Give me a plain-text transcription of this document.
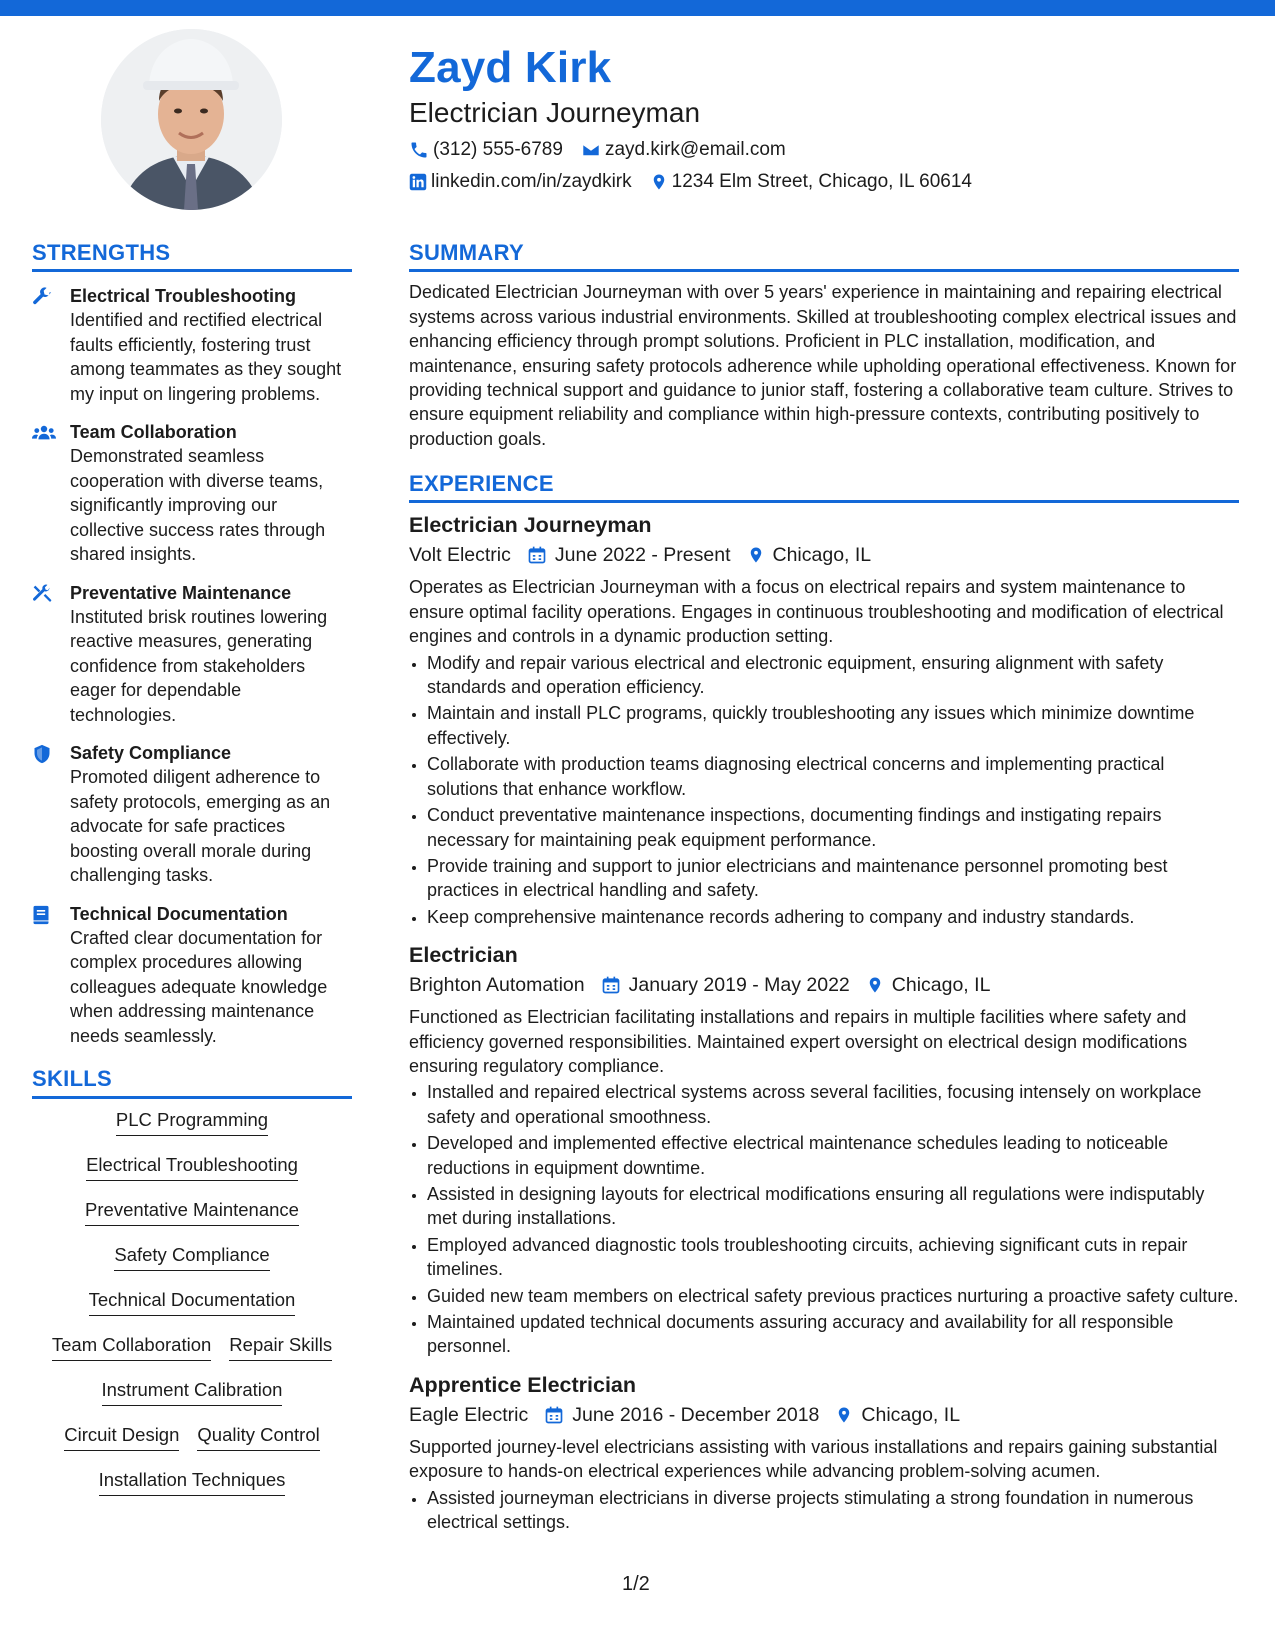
Zayd Kirk
Electrician Journeyman
(312) 555-6789 zayd.kirk@email.com
linkedin.com/in/zaydkirk 1234 Elm Street, Chicago, IL 60614
STRENGTHS
Electrical Troubleshooting
Identified and rectified electrical faults efficiently, fostering trust among teammates as they sought my input on lingering problems.
Team Collaboration
Demonstrated seamless cooperation with diverse teams, significantly improving our collective success rates through shared insights.
Preventative Maintenance
Instituted brisk routines lowering reactive measures, generating confidence from stakeholders eager for dependable technologies.
Safety Compliance
Promoted diligent adherence to safety protocols, emerging as an advocate for safe practices boosting overall morale during challenging tasks.
Technical Documentation
Crafted clear documentation for complex procedures allowing colleagues adequate knowledge when addressing maintenance needs seamlessly.
SKILLS
PLC Programming
Electrical Troubleshooting
Preventative Maintenance
Safety Compliance
Technical Documentation
Team Collaboration Repair Skills
Instrument Calibration
Circuit Design Quality Control
Installation Techniques
SUMMARY
Dedicated Electrician Journeyman with over 5 years' experience in maintaining and repairing electrical systems across various industrial environments. Skilled at troubleshooting complex electrical issues and enhancing efficiency through prompt solutions. Proficient in PLC installation, modification, and maintenance, ensuring safety protocols adherence while upholding operational effectiveness. Known for providing technical support and guidance to junior staff, fostering a collaborative team culture. Strives to ensure equipment reliability and compliance within high-pressure contexts, contributing positively to production goals.
EXPERIENCE
Electrician Journeyman
Volt Electric June 2022 - Present Chicago, IL
Operates as Electrician Journeyman with a focus on electrical repairs and system maintenance to ensure optimal facility operations. Engages in continuous troubleshooting and modification of electrical engines and controls in a dynamic production setting.
• Modify and repair various electrical and electronic equipment, ensuring alignment with safety standards and operation efficiency.
• Maintain and install PLC programs, quickly troubleshooting any issues which minimize downtime effectively.
• Collaborate with production teams diagnosing electrical concerns and implementing practical solutions that enhance workflow.
• Conduct preventative maintenance inspections, documenting findings and instigating repairs necessary for maintaining peak equipment performance.
• Provide training and support to junior electricians and maintenance personnel promoting best practices in electrical handling and safety.
• Keep comprehensive maintenance records adhering to company and industry standards.
Electrician
Brighton Automation January 2019 - May 2022 Chicago, IL
Functioned as Electrician facilitating installations and repairs in multiple facilities where safety and efficiency governed responsibilities. Maintained expert oversight on electrical design modifications ensuring regulatory compliance.
• Installed and repaired electrical systems across several facilities, focusing intensely on workplace safety and operational smoothness.
• Developed and implemented effective electrical maintenance schedules leading to noticeable reductions in equipment downtime.
• Assisted in designing layouts for electrical modifications ensuring all regulations were indisputably met during installations.
• Employed advanced diagnostic tools troubleshooting circuits, achieving significant cuts in repair timelines.
• Guided new team members on electrical safety previous practices nurturing a proactive safety culture.
• Maintained updated technical documents assuring accuracy and availability for all responsible personnel.
Apprentice Electrician
Eagle Electric June 2016 - December 2018 Chicago, IL
Supported journey-level electricians assisting with various installations and repairs gaining substantial exposure to hands-on electrical experiences while advancing problem-solving acumen.
• Assisted journeyman electricians in diverse projects stimulating a strong foundation in numerous electrical settings.
1/2
